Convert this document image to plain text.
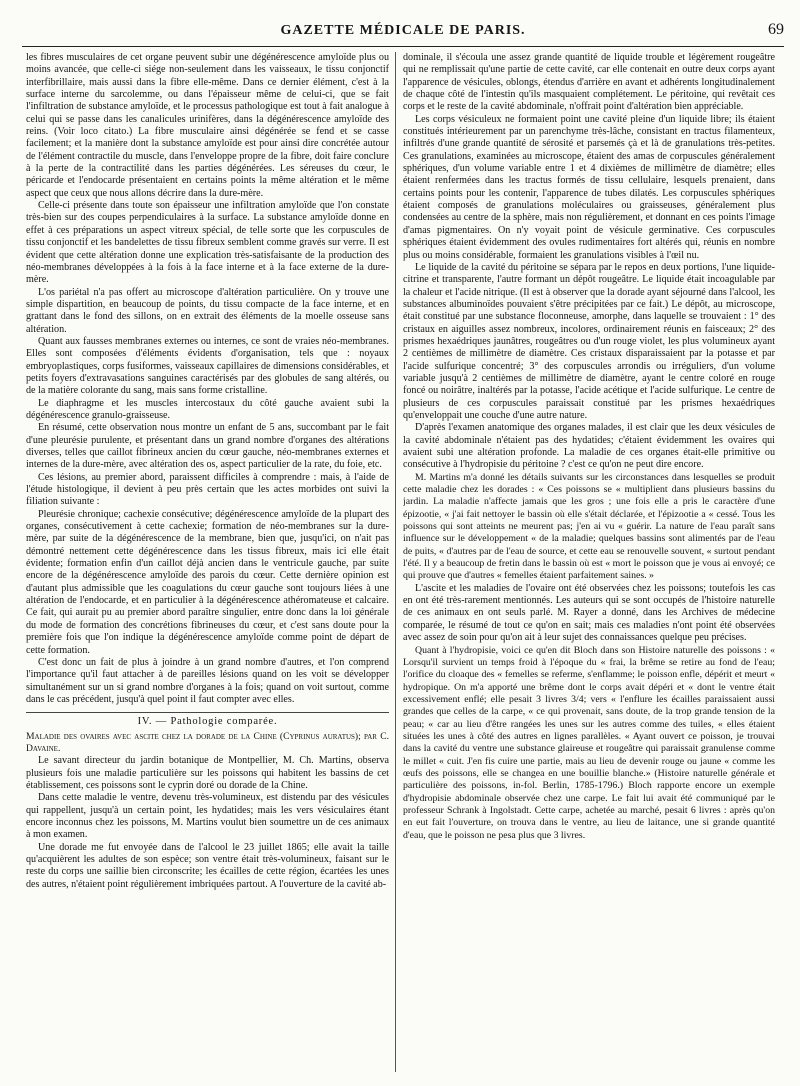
GAZETTE MÉDICALE DE PARIS.	69

les fibres musculaires de cet organe peuvent subir une dégénérescence amyloïde plus ou moins avancée, que celle-ci siége non-seulement dans les vaisseaux, le tissu conjonctif interfibrillaire, mais aussi dans la fibre elle-même. Dans ce dernier élément, c'est à la surface interne du sarcolemme, ou dans l'épaisseur même de celui-ci, que se fait l'infiltration de substance amyloïde, et le processus pathologique est tout à fait analogue à celui qui se passe dans les canalicules urinifères, dans la dégénérescence amyloïde des reins. (Voir loco citato.) La fibre musculaire ainsi dégénérée se fend et se casse facilement; et la manière dont la substance amyloïde est pour ainsi dire concrétée autour de l'élément contractile du muscle, dans l'enveloppe propre de la fibre, doit faire conclure à la perte de la contractilité dans les parties dégénérées. Les séreuses du cœur, le péricarde et l'endocarde présentaient en certains points la même altération et le même aspect que ceux que nous allons décrire dans la dure-mère.

Celle-ci présente dans toute son épaisseur une infiltration amyloïde que l'on constate très-bien sur des coupes perpendiculaires à la surface. La substance amyloïde donne en effet à ces préparations un aspect vitreux spécial, de telle sorte que les corpuscules de tissu conjonctif et les bandelettes de tissu fibreux semblent comme gravés sur verre. Il est évident que cette altération donne une explication très-satisfaisante de la production des néo-membranes développées à la fois à la face interne et à la face externe de la dure-mère.

L'os pariétal n'a pas offert au microscope d'altération particulière. On y trouve une simple dispartition, en beaucoup de points, du tissu compacte de la face interne, et en grattant dans le fond des sillons, on en extrait des éléments de la moelle osseuse sans altération.

Quant aux fausses membranes externes ou internes, ce sont de vraies néo-membranes. Elles sont composées d'éléments évidents d'organisation, tels que : noyaux embryoplastiques, corps fusiformes, vaisseaux capillaires de dimensions considérables, et petits foyers d'extravasations sanguines caractérisés par des globules de sang altérés, ou de la matière colorante du sang, mais sans forme cristalline.

Le diaphragme et les muscles intercostaux du côté gauche avaient subi la dégénérescence granulo-graisseuse.

En résumé, cette observation nous montre un enfant de 5 ans, succombant par le fait d'une pleurésie purulente, et présentant dans un grand nombre d'organes des altérations diverses, telles que caillot fibrineux ancien du cœur gauche, néo-membranes externes et internes de la dure-mère, avec altération des os, aspect particulier de la rate, du foie, etc.

Ces lésions, au premier abord, paraissent difficiles à comprendre : mais, à l'aide de l'étude histologique, il devient à peu près certain que les actes morbides ont suivi la filiation suivante :

Pleurésie chronique; cachexie consécutive; dégénérescence amyloïde de la plupart des organes, consécutivement à cette cachexie; formation de néo-membranes sur la dure-mère, par suite de la dégénérescence de la membrane, bien que, jusqu'ici, on n'ait pas démontré nettement cette dégénérescence dans les tissus fibreux, mais ici elle était évidente; formation enfin d'un caillot déjà ancien dans le ventricule gauche, par suite encore de la dégénérescence amyloïde des parois du cœur. Cette dernière opinion est d'autant plus admissible que les coagulations du cœur gauche sont toujours liées à une altération de l'endocarde, et en particulier à la dégénérescence athéromateuse et calcaire. Ce fait, qui aurait pu au premier abord paraître singulier, entre donc dans la loi générale du mode de formation des concrétions fibrineuses du cœur, et c'est sans doute pour la première fois que l'on indique la dégénérescence amyloïde comme point de départ de cette formation.

C'est donc un fait de plus à joindre à un grand nombre d'autres, et l'on comprend l'importance qu'il faut attacher à de pareilles lésions quand on les voit se développer simultanément sur un si grand nombre d'organes à la fois; quand on voit surtout, comme dans le cas précédent, jusqu'à quel point il faut compter avec elles.

IV. — Pathologie comparée.

Maladie des ovaires avec ascite chez la dorade de la Chine (Cyprinus auratus); par C. Davaine.

Le savant directeur du jardin botanique de Montpellier, M. Ch. Martins, observa plusieurs fois une maladie particulière sur les poissons qui habitent les bassins de cet établissement, ces poissons sont le cyprin doré ou dorade de la Chine.

Dans cette maladie le ventre, devenu très-volumineux, est distendu par des vésicules qui rappellent, jusqu'à un certain point, les hydatides; mais les vers vésiculaires étant encore inconnus chez les poissons, M. Martins voulut bien soumettre un de ces animaux à mon examen.

Une dorade me fut envoyée dans de l'alcool le 23 juillet 1865; elle avait la taille qu'acquièrent les adultes de son espèce; son ventre était très-volumineux, faisant sur le reste du corps une saillie bien circonscrite; les écailles de cette région, écartées les unes des autres, n'étaient point régulièrement imbriquées partout. A l'ouverture de la cavité ab-

dominale, il s'écoula une assez grande quantité de liquide trouble et légèrement rougeâtre qui ne remplissait qu'une partie de cette cavité, car elle contenait en outre deux corps ayant l'apparence de vésicules, oblongs, étendus d'arrière en avant et adhérents longitudinalement de chaque côté de l'intestin qu'ils masquaient complétement. Le péritoine, qui revêtait ces corps et le reste de la cavité abdominale, n'offrait point d'altération bien appréciable.

Les corps vésiculeux ne formaient point une cavité pleine d'un liquide libre; ils étaient constitués intérieurement par un parenchyme très-lâche, consistant en tractus filamenteux, infiltrés d'une grande quantité de sérosité et parsemés çà et là de granulations très-petites. Ces granulations, examinées au microscope, étaient des amas de corpuscules généralement sphériques, d'un volume variable entre 1 et 4 dixièmes de millimètre de diamètre; elles étaient renfermées dans les tractus formés de tissu cellulaire, lesquels prenaient, dans certains points pour les contenir, l'apparence de tubes dilatés. Les corpuscules sphériques étaient composés de granulations moléculaires ou graisseuses, généralement plus condensées au centre de la sphère, mais non régulièrement, et donnant en ces points l'image d'amas pigmentaires. On n'y voyait point de vésicule germinative. Ces corpuscules sphériques étaient évidemment des ovules rudimentaires fort altérés qui, réunis en nombre plus ou moins considérable, formaient les granulations visibles à l'œil nu.

Le liquide de la cavité du péritoine se sépara par le repos en deux portions, l'une liquide-citrine et transparente, l'autre formant un dépôt rougeâtre. Le liquide était incoagulable par la chaleur et l'acide nitrique. (Il est à observer que la dorade ayant séjourné dans l'alcool, les substances albuminoïdes pouvaient s'être précipitées par ce fait.) Le dépôt, au microscope, était constitué par une substance floconneuse, amorphe, dans laquelle se trouvaient : 1° des cristaux en aiguilles assez nombreux, incolores, ordinairement réunis en faisceaux; 2° des prismes hexaédriques jaunâtres, rougeâtres ou d'un rouge violet, les plus volumineux ayant 2 centièmes de millimètre de diamètre. Ces cristaux disparaissaient par la potasse et par l'acide sulfurique concentré; 3° des corpuscules arrondis ou irréguliers, d'un volume variable jusqu'à 2 centièmes de millimètre de diamètre, ayant le centre coloré en rouge foncé ou noirâtre, inaltérés par la potasse, l'acide acétique et l'acide sulfurique. Le centre de plusieurs de ces corpuscules paraissait constitué par les prismes hexaédriques qu'enveloppait une couche d'une autre nature.

D'après l'examen anatomique des organes malades, il est clair que les deux vésicules de la cavité abdominale n'étaient pas des hydatides; c'étaient évidemment les ovaires qui avaient subi une altération profonde. La maladie de ces organes était-elle primitive ou consécutive à l'hydropisie du péritoine ? c'est ce qu'on ne peut dire encore.

M. Martins m'a donné les détails suivants sur les circonstances dans lesquelles se produit cette maladie chez les dorades : « Ces poissons se « multiplient dans plusieurs bassins du jardin. La maladie n'affecte jamais que les gros ; une fois elle a pris le caractère d'une épizootie, « j'ai fait nettoyer le bassin où elle s'était déclarée, et l'épizootie a « cessé. Tous les poissons qui sont atteints ne meurent pas; j'en ai vu « guérir. La nature de l'eau paraît sans influence sur le développement « de la maladie; quelques bassins sont alimentés par de l'eau de puits, « d'autres par de l'eau de source, et cette eau se renouvelle souvent, « surtout pendant l'été. Il y a beaucoup de fretin dans le bassin où est « mort le poisson que je vous ai envoyé; ce qui prouve que d'autres « femelles étaient parfaitement saines. »

L'ascite et les maladies de l'ovaire ont été observées chez les poissons; toutefois les cas en ont été très-rarement mentionnés. Les auteurs qui se sont occupés de l'histoire naturelle de ces animaux en ont seuls parlé. M. Rayer a donné, dans les Archives de médecine comparée, le résumé de tout ce qu'on en sait; mais ces maladies n'ont point été observées avec assez de soin pour qu'on ait à leur sujet des connaissances quelque peu précises.

Quant à l'hydropisie, voici ce qu'en dit Bloch dans son Histoire naturelle des poissons : « Lorsqu'il survient un temps froid à l'époque du « frai, la brême se retire au fond de l'eau; l'orifice du cloaque des « femelles se referme, s'enflamme; le poisson enfle, dépérit et meurt « hydropique. On m'a apporté une brême dont le corps avait dépéri et « dont le ventre était excessivement enflé; elle pesait 3 livres 3/4; vers « l'enflure les écailles paraissaient aussi grandes que celles de la carpe, « ce qui provenait, sans doute, de la trop grande tension de la peau; « car au lieu d'être rangées les unes sur les autres comme des tuiles, « elles étaient situées les unes à côté des autres en lignes parallèles. « Ayant ouvert ce poisson, je trouvai dans la cavité du ventre une substance glaireuse et rougeâtre qui paraissait granulense comme le millet « cuit. J'en fis cuire une partie, mais au lieu de devenir rouge ou jaune « comme les œufs des poissons, elle se changea en une bouillie blanche.» (Histoire naturelle générale et particulière des poissons, in-fol. Berlin, 1785-1796.) Bloch rapporte encore un exemple d'hydropisie abdominale observée chez une carpe. Le fait lui avait été communiqué par le professeur Schrank à Ingolstadt. Cette carpe, achetée au marché, pesait 6 livres : après qu'on en eut fait l'ouverture, on trouva dans le ventre, au lieu de laitance, une si grande quantité d'eau, que le poisson ne pesa plus que 3 livres.
